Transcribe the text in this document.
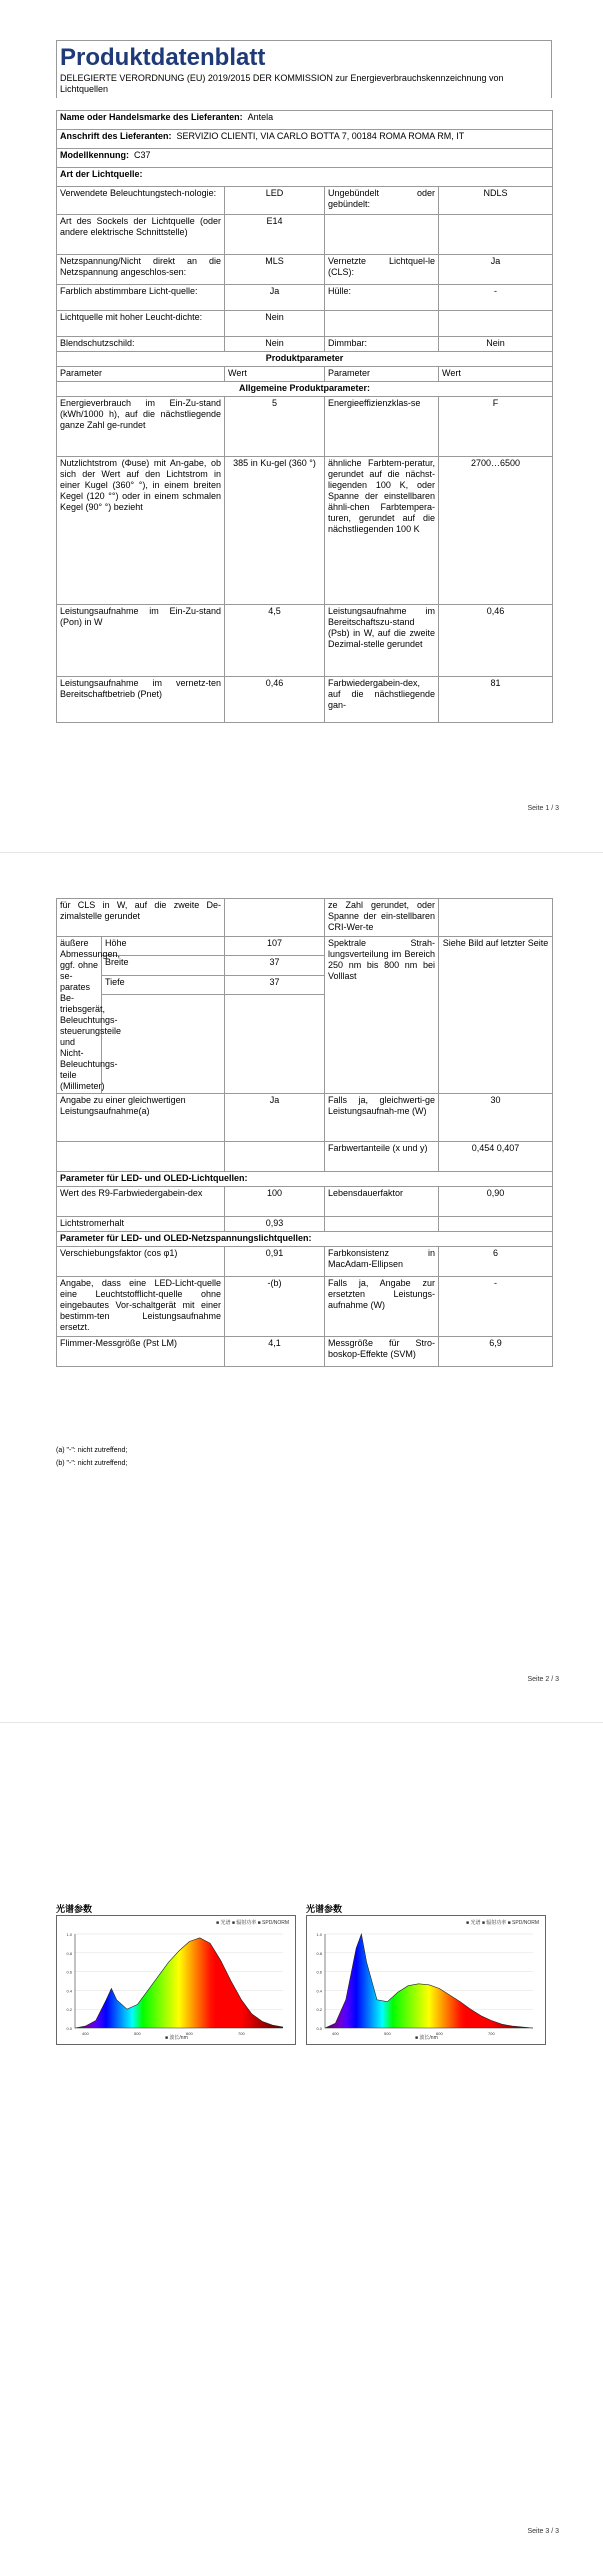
Produktdatenblatt
DELEGIERTE VERORDNUNG (EU) 2019/2015 DER KOMMISSION zur Energieverbrauchskennzeichnung von Lichtquellen
Name oder Handelsmarke des Lieferanten: Antela			
Anschrift des Lieferanten: SERVIZIO CLIENTI, VIA CARLO BOTTA 7, 00184 ROMA ROMA RM, IT			
Modellkennung: C37			
Art der Lichtquelle:			
Verwendete Beleuchtungstech-nologie:	LED	Ungebündelt oder gebündelt:	NDLS
Art des Sockels der Lichtquelle (oder andere elektrische Schnittstelle)	E14		
Netzspannung/Nicht direkt an die Netzspannung angeschlos-sen:	MLS	Vernetzte Lichtquel-le (CLS):	Ja
Farblich abstimmbare Licht-quelle:	Ja	Hülle:	-
Lichtquelle mit hoher Leucht-dichte:	Nein		
Blendschutzschild:	Nein	Dimmbar:	Nein
Produktparameter			
Parameter	Wert	Parameter	Wert
Allgemeine Produktparameter:			
Energieverbrauch im Ein-Zu-stand (kWh/1000 h), auf die nächstliegende ganze Zahl ge-rundet	5	Energieeffizienzklas-se	F
Nutzlichtstrom (Φuse) mit An-gabe, ob sich der Wert auf den Lichtstrom in einer Kugel (360° °), in einem breiten Kegel (120 °°) oder in einem schmalen Kegel (90° °) bezieht	385 in Ku-gel (360 °)	ähnliche Farbtem-peratur, gerundet auf die nächst-liegenden 100 K, oder Spanne der einstellbaren ähnli-chen Farbtempera-turen, gerundet auf die nächstliegenden 100 K	2700…6500
Leistungsaufnahme im Ein-Zu-stand (Pon) in W	4,5	Leistungsaufnahme im Bereitschaftszu-stand (Psb) in W, auf die zweite Dezimal-stelle gerundet	0,46
Leistungsaufnahme im vernetz-ten Bereitschaftbetrieb (Pnet)	0,46	Farbwiedergabein-dex, auf die nächstliegende gan-	81
Seite 1 / 3
für CLS in W, auf die zweite De-zimalstelle gerundet			ze Zahl gerundet, oder Spanne der ein-stellbaren CRI-Wer-te	
äußere Abmessungen, ggf. ohne se-parates Be-triebsgerät, Beleuchtungs-steuerungsteile und Nicht-Beleuchtungs-teile (Millimeter)	Höhe	107	Spektrale Strah-lungsverteilung im Bereich 250 nm bis 800 nm bei Volllast	Siehe Bild auf letzter Seite
	Breite	37		
	Tiefe	37		

Angabe zu einer gleichwertigen Leistungsaufnahme(a)		Ja	Falls ja, gleichwerti-ge Leistungsaufnah-me (W)	30
			Farbwertanteile (x und y)	0,454 0,407
Parameter für LED- und OLED-Lichtquellen:				
Wert des R9-Farbwiedergabein-dex		100	Lebensdauerfaktor	0,90
Lichtstromerhalt		0,93		
Parameter für LED- und OLED-Netzspannungslichtquellen:				
Verschiebungsfaktor (cos φ1)		0,91	Farbkonsistenz in MacAdam-Ellipsen	6
Angabe, dass eine LED-Licht-quelle eine Leuchtstofflicht-quelle ohne eingebautes Vor-schaltgerät mit einer bestimm-ten Leistungsaufnahme ersetzt.		-(b)	Falls ja, Angabe zur ersetzten Leistungs-aufnahme (W)	-
Flimmer-Messgröße (Pst LM)		4,1	Messgröße für Stro-boskop-Effekte (SVM)	6,9
(a) "-": nicht zutreffend;
(b) "-": nicht zutreffend;
Seite 2 / 3
光谱参数
■ 光谱 ■ 辐射功率 ■ SPD/NORM
0.0
0.2
0.4
0.6
0.8
1.0
400	500	600	700
■ 波长/nm
光谱参数
■ 光谱 ■ 辐射功率 ■ SPD/NORM
0.0
0.2
0.4
0.6
0.8
1.0
400	500	600	700
■ 波长/nm
Seite 3 / 3
